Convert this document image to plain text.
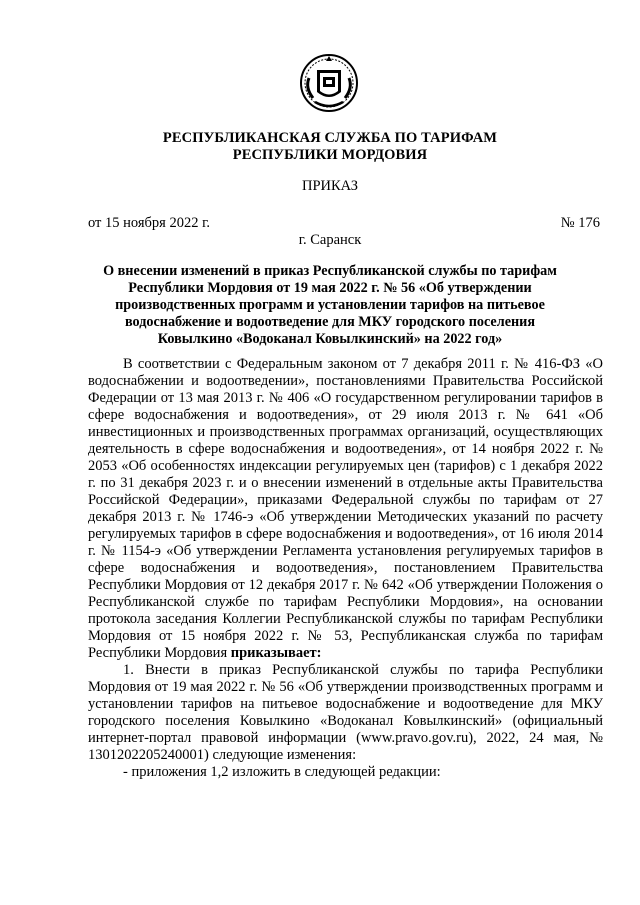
РЕСПУБЛИКАНСКАЯ СЛУЖБА ПО ТАРИФАМ
РЕСПУБЛИКИ МОРДОВИЯ
ПРИКАЗ
от 15 ноября 2022 г.	№ 176
г. Саранск
О внесении изменений в приказ Республиканской службы по тарифам
Республики Мордовия от 19 мая 2022 г. № 56 «Об утверждении
производственных программ и установлении тарифов на питьевое
водоснабжение и водоотведение для МКУ городского поселения
Ковылкино «Водоканал Ковылкинский» на 2022 год»

В соответствии с Федеральным законом от 7 декабря 2011 г. № 416-ФЗ «О водоснабжении и водоотведении», постановлениями Правительства Российской Федерации от 13 мая 2013 г. № 406 «О государственном регулировании тарифов в сфере водоснабжения и водоотведения», от 29 июля 2013 г. № 641 «Об инвестиционных и производственных программах организаций, осуществляющих деятельность в сфере водоснабжения и водоотведения», от 14 ноября 2022 г. № 2053 «Об особенностях индексации регулируемых цен (тарифов) с 1 декабря 2022 г. по 31 декабря 2023 г. и о внесении изменений в отдельные акты Правительства Российской Федерации», приказами Федеральной службы по тарифам от 27 декабря 2013 г. № 1746-э «Об утверждении Методических указаний по расчету регулируемых тарифов в сфере водоснабжения и водоотведения», от 16 июля 2014 г. № 1154-э «Об утверждении Регламента установления регулируемых тарифов в сфере водоснабжения и водоотведения», постановлением Правительства Республики Мордовия от 12 декабря 2017 г. № 642 «Об утверждении Положения о Республиканской службе по тарифам Республики Мордовия», на основании протокола заседания Коллегии Республиканской службы по тарифам Республики Мордовия от 15 ноября 2022 г. № 53, Республиканская служба по тарифам Республики Мордовия приказывает:

1. Внести в приказ Республиканской службы по тарифа Республики Мордовия от 19 мая 2022 г. № 56 «Об утверждении производственных программ и установлении тарифов на питьевое водоснабжение и водоотведение для МКУ городского поселения Ковылкино «Водоканал Ковылкинский» (официальный интернет-портал правовой информации (www.pravo.gov.ru), 2022, 24 мая, № 1301202205240001) следующие изменения:

- приложения 1,2 изложить в следующей редакции:
